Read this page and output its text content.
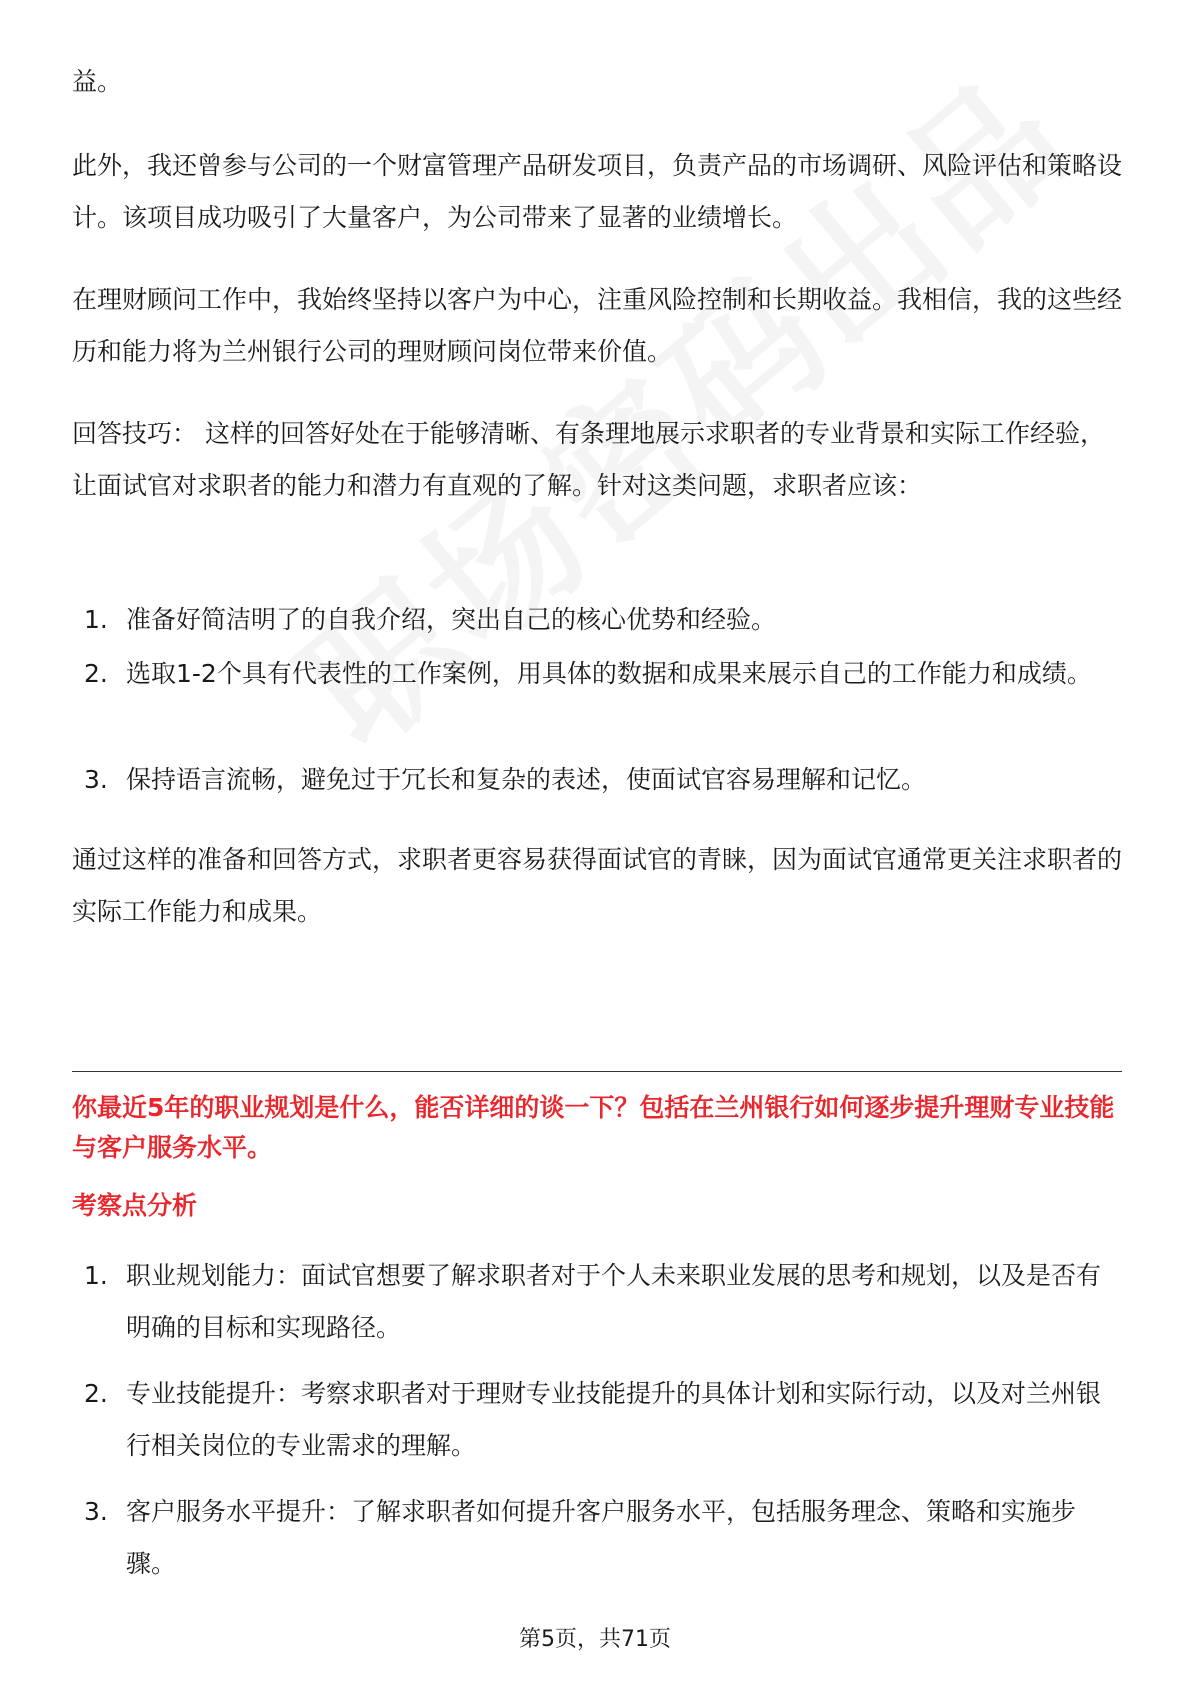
益。

此外，我还曾参与公司的一个财富管理产品研发项目，负责产品的市场调研、风险评估和策略设计。该项目成功吸引了大量客户，为公司带来了显著的业绩增长。

在理财顾问工作中，我始终坚持以客户为中心，注重风险控制和长期收益。我相信，我的这些经历和能力将为兰州银行公司的理财顾问岗位带来价值。

回答技巧： 这样的回答好处在于能够清晰、有条理地展示求职者的专业背景和实际工作经验，让面试官对求职者的能力和潜力有直观的了解。针对这类问题，求职者应该：

1. 准备好简洁明了的自我介绍，突出自己的核心优势和经验。
2. 选取1-2个具有代表性的工作案例，用具体的数据和成果来展示自己的工作能力和成绩。
3. 保持语言流畅，避免过于冗长和复杂的表述，使面试官容易理解和记忆。

通过这样的准备和回答方式，求职者更容易获得面试官的青睐，因为面试官通常更关注求职者的实际工作能力和成果。

你最近5年的职业规划是什么，能否详细的谈一下？包括在兰州银行如何逐步提升理财专业技能与客户服务水平。
考察点分析
1. 职业规划能力：面试官想要了解求职者对于个人未来职业发展的思考和规划，以及是否有明确的目标和实现路径。
2. 专业技能提升：考察求职者对于理财专业技能提升的具体计划和实际行动，以及对兰州银行相关岗位的专业需求的理解。
3. 客户服务水平提升：了解求职者如何提升客户服务水平，包括服务理念、策略和实施步骤。
第5页，共71页
